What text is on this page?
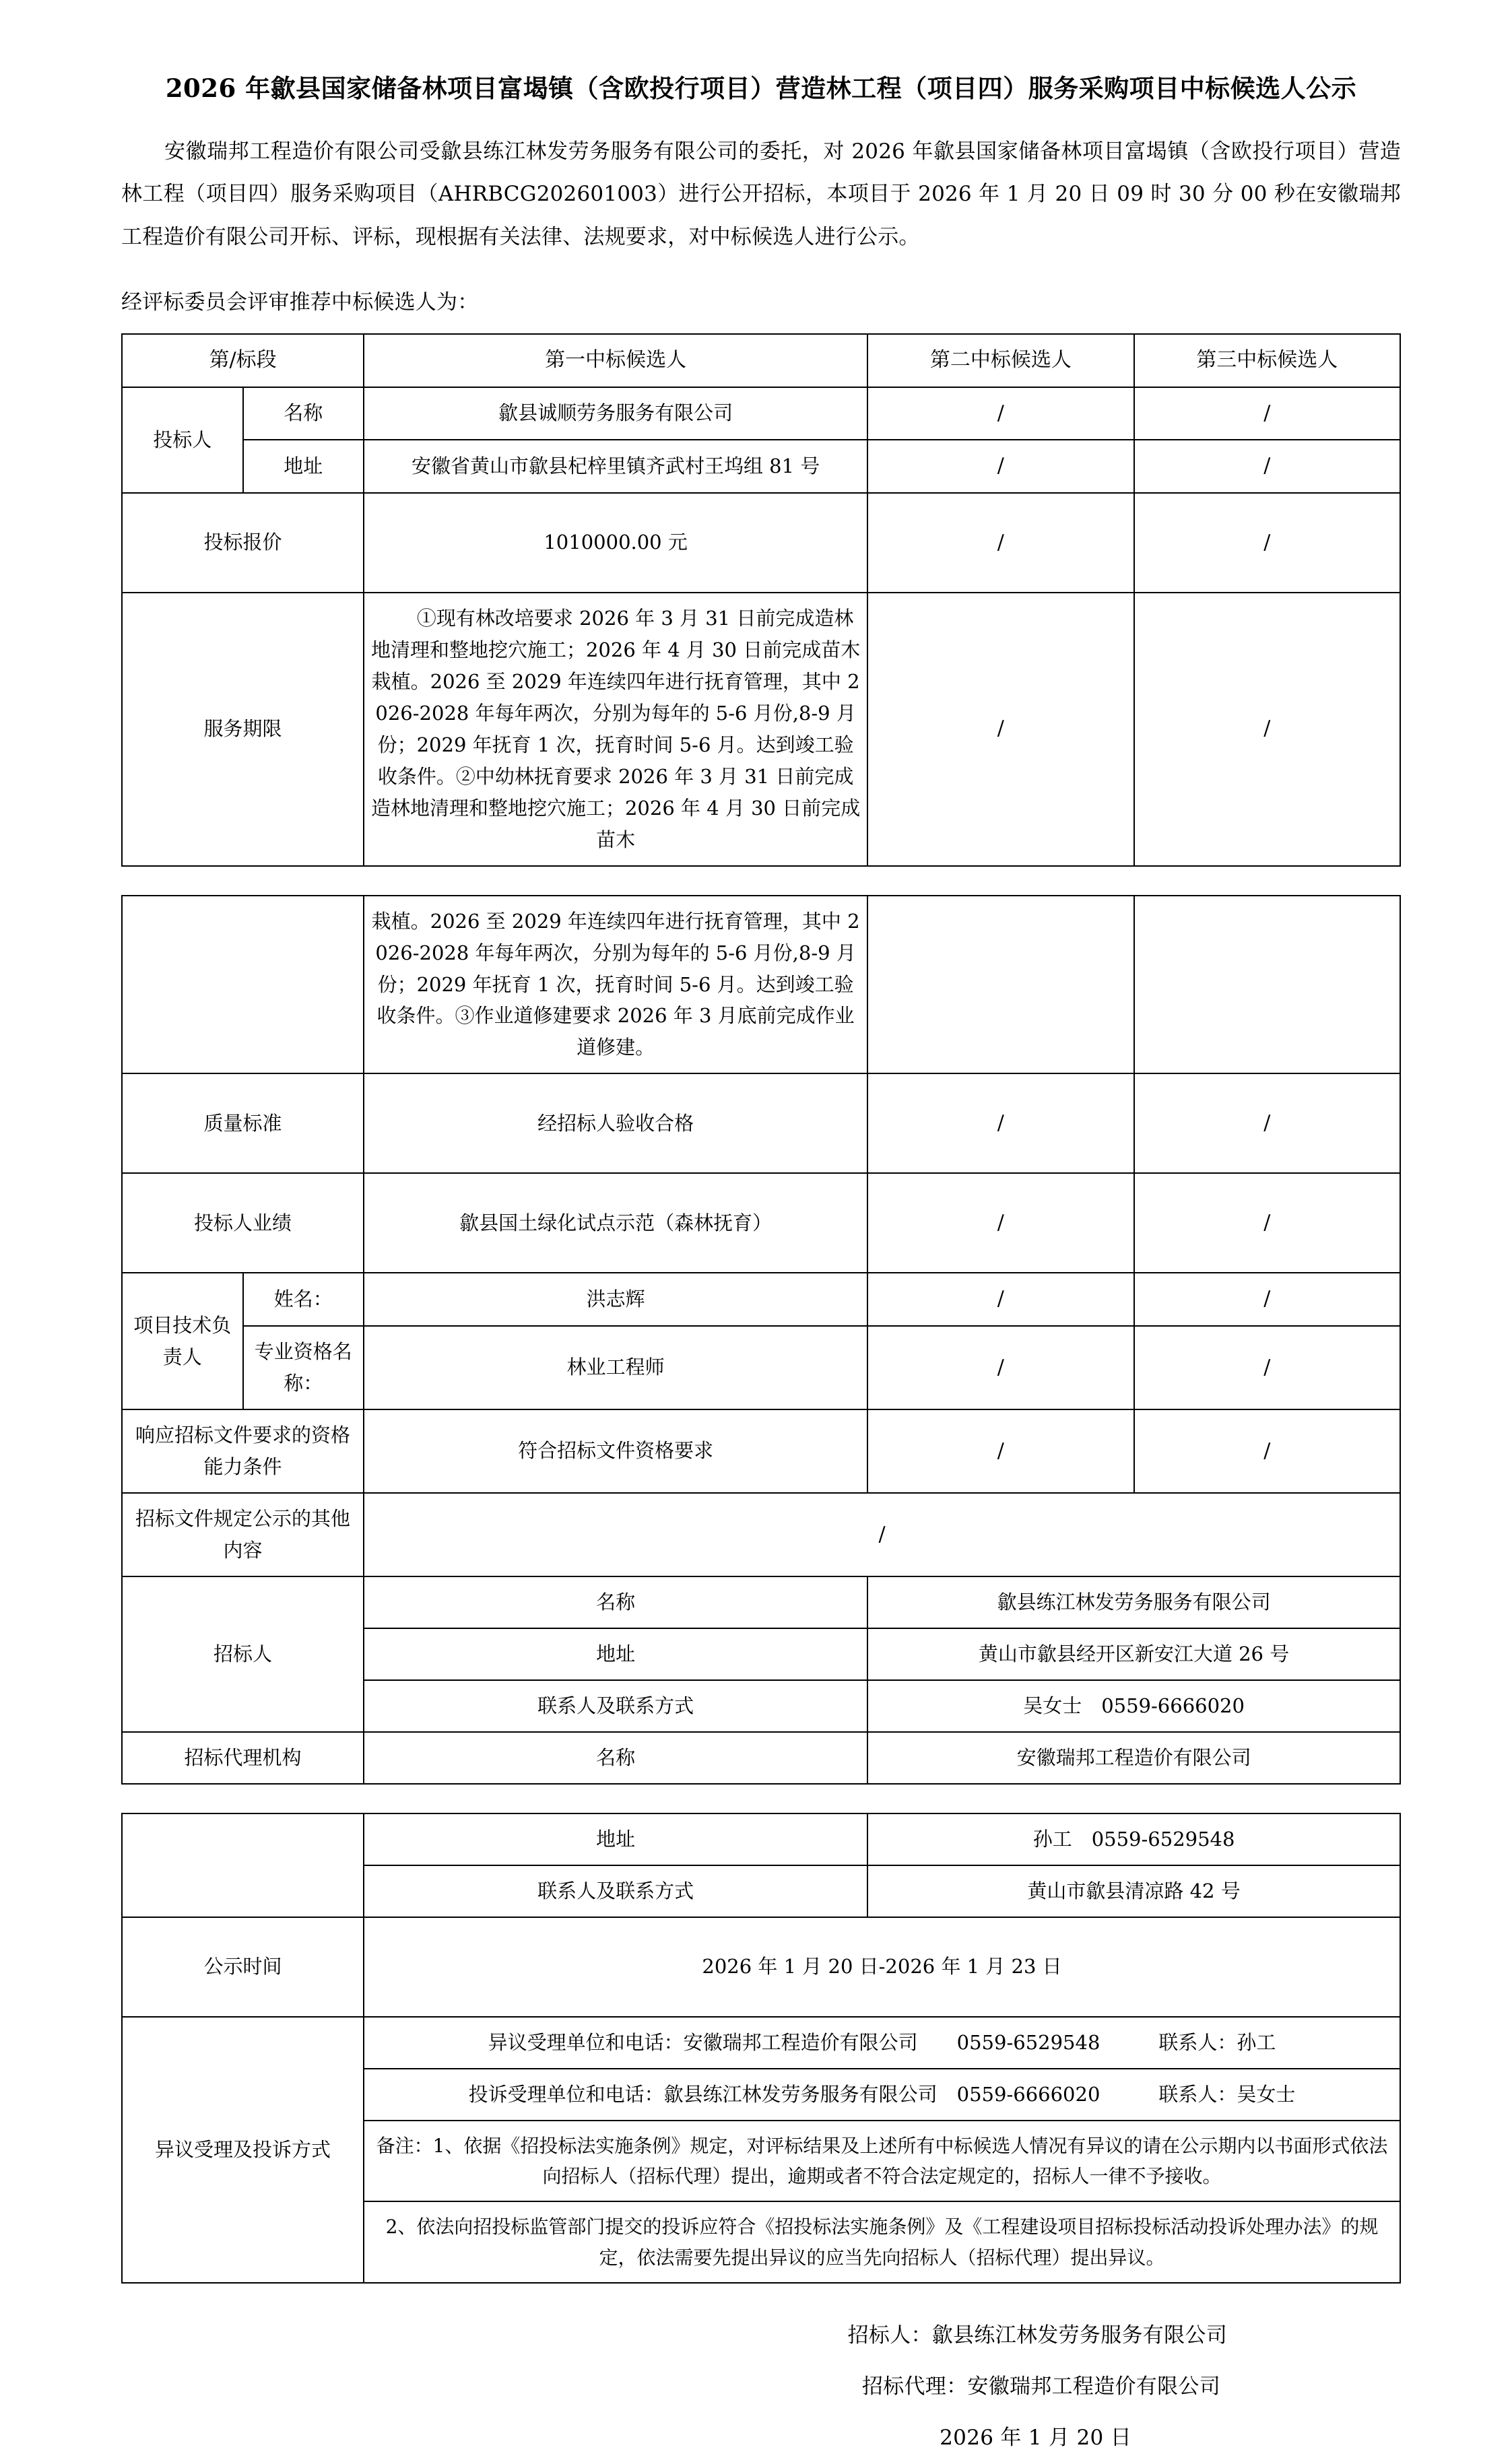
2026 年歙县国家储备林项目富堨镇（含欧投行项目）营造林工程（项目四）服务采购项目中标候选人公示
安徽瑞邦工程造价有限公司受歙县练江林发劳务服务有限公司的委托，对 2026 年歙县国家储备林项目富堨镇（含欧投行项目）营造林工程（项目四）服务采购项目（AHRBCG202601003）进行公开招标，本项目于 2026 年 1 月 20 日 09 时 30 分 00 秒在安徽瑞邦工程造价有限公司开标、评标，现根据有关法律、法规要求，对中标候选人进行公示。
经评标委员会评审推荐中标候选人为：
第/标段		第一中标候选人	第二中标候选人	第三中标候选人
投标人	名称	歙县诚顺劳务服务有限公司	/	/
	地址	安徽省黄山市歙县杞梓里镇齐武村王坞组 81 号	/	/
投标报价		1010000.00 元	/	/
服务期限		①现有林改培要求 2026 年 3 月 31 日前完成造林地清理和整地挖穴施工；2026 年 4 月 30 日前完成苗木栽植。2026 至 2029 年连续四年进行抚育管理，其中 2026-2028 年每年两次，分别为每年的 5-6 月份,8-9 月份；2029 年抚育 1 次，抚育时间 5-6 月。达到竣工验收条件。②中幼林抚育要求 2026 年 3 月 31 日前完成造林地清理和整地挖穴施工；2026 年 4 月 30 日前完成苗木	/	/
		栽植。2026 至 2029 年连续四年进行抚育管理，其中 2026-2028 年每年两次，分别为每年的 5-6 月份,8-9 月份；2029 年抚育 1 次，抚育时间 5-6 月。达到竣工验收条件。③作业道修建要求 2026 年 3 月底前完成作业道修建。		
质量标准		经招标人验收合格	/	/
投标人业绩		歙县国土绿化试点示范（森林抚育）	/	/
项目技术负责人	姓名：	洪志辉	/	/
	专业资格名称：	林业工程师	/	/
响应招标文件要求的资格能力条件		符合招标文件资格要求	/	/
招标文件规定公示的其他内容		/		
招标人		名称	歙县练江林发劳务服务有限公司	
		地址	黄山市歙县经开区新安江大道 26 号	
		联系人及联系方式	吴女士　0559-6666020	
招标代理机构		名称	安徽瑞邦工程造价有限公司	
	地址	孙工　0559-6529548
	联系人及联系方式	黄山市歙县清凉路 42 号
公示时间	2026 年 1 月 20 日-2026 年 1 月 23 日	
异议受理及投诉方式	异议受理单位和电话：安徽瑞邦工程造价有限公司　　0559-6529548　　　联系人：孙工	
	投诉受理单位和电话：歙县练江林发劳务服务有限公司　0559-6666020　　　联系人：吴女士	
	备注：1、依据《招投标法实施条例》规定，对评标结果及上述所有中标候选人情况有异议的请在公示期内以书面形式依法向招标人（招标代理）提出，逾期或者不符合法定规定的，招标人一律不予接收。	
	2、依法向招投标监管部门提交的投诉应符合《招投标法实施条例》及《工程建设项目招标投标活动投诉处理办法》的规定，依法需要先提出异议的应当先向招标人（招标代理）提出异议。	
招标人：歙县练江林发劳务服务有限公司
招标代理：安徽瑞邦工程造价有限公司
2026 年 1 月 20 日
